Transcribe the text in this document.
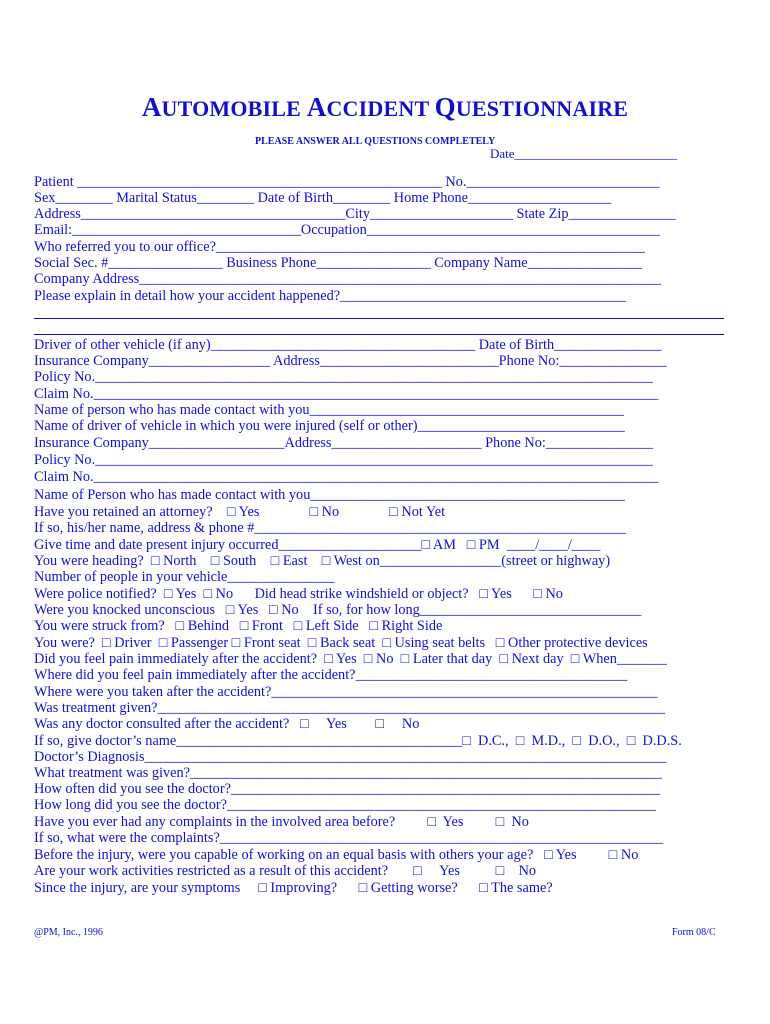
AUTOMOBILE ACCIDENT QUESTIONNAIRE
PLEASE ANSWER ALL QUESTIONS COMPLETELY
Date_________________________
Patient ___________________________________________________ No.___________________________
Sex________ Marital Status________ Date of Birth________ Home Phone____________________
Address_____________________________________City____________________ State Zip_______________
Email:________________________________Occupation_________________________________________
Who referred you to our office?____________________________________________________________
Social Sec. #________________ Business Phone________________ Company Name________________
Company Address_________________________________________________________________________
Please explain in detail how your accident happened?________________________________________
Driver of other vehicle (if any)_____________________________________ Date of Birth_______________
Insurance Company_________________ Address_________________________Phone No:_______________
Policy No.______________________________________________________________________________
Claim No._______________________________________________________________________________
Name of person who has made contact with you____________________________________________
Name of driver of vehicle in which you were injured (self or other)_____________________________
Insurance Company___________________Address_____________________ Phone No:_______________
Policy No.______________________________________________________________________________
Claim No._______________________________________________________________________________
Name of Person who has made contact with you____________________________________________
Have you retained an attorney?    □ Yes              □ No              □ Not Yet
If so, his/her name, address & phone #____________________________________________________
Give time and date present injury occurred____________________□ AM   □ PM  ____/____/____
You were heading?  □ North    □ South    □ East    □ West on_________________(street or highway)
Number of people in your vehicle_______________
Were police notified?  □ Yes  □ No      Did head strike windshield or object?   □ Yes      □ No
Were you knocked unconscious   □ Yes   □ No    If so, for how long_______________________________
You were struck from?   □ Behind   □ Front   □ Left Side   □ Right Side
You were?  □ Driver  □ Passenger □ Front seat  □ Back seat  □ Using seat belts   □ Other protective devices
Did you feel pain immediately after the accident?  □ Yes  □ No  □ Later that day  □ Next day  □ When_______
Where did you feel pain immediately after the accident?______________________________________
Where were you taken after the accident?______________________________________________________
Was treatment given?_______________________________________________________________________
Was any doctor consulted after the accident?   □     Yes        □     No
If so, give doctor’s name________________________________________□  D.C.,  □  M.D.,  □  D.O.,  □  D.D.S.
Doctor’s Diagnosis_________________________________________________________________________
What treatment was given?__________________________________________________________________
How often did you see the doctor?____________________________________________________________
How long did you see the doctor?____________________________________________________________
Have you ever had any complaints in the involved area before?         □  Yes         □  No
If so, what were the complaints?______________________________________________________________
Before the injury, were you capable of working on an equal basis with others your age?   □ Yes         □ No
Are your work activities restricted as a result of this accident?       □     Yes          □    No
Since the injury, are your symptoms     □ Improving?      □ Getting worse?      □ The same?
@PM, Inc., 1996	Form 08/C
